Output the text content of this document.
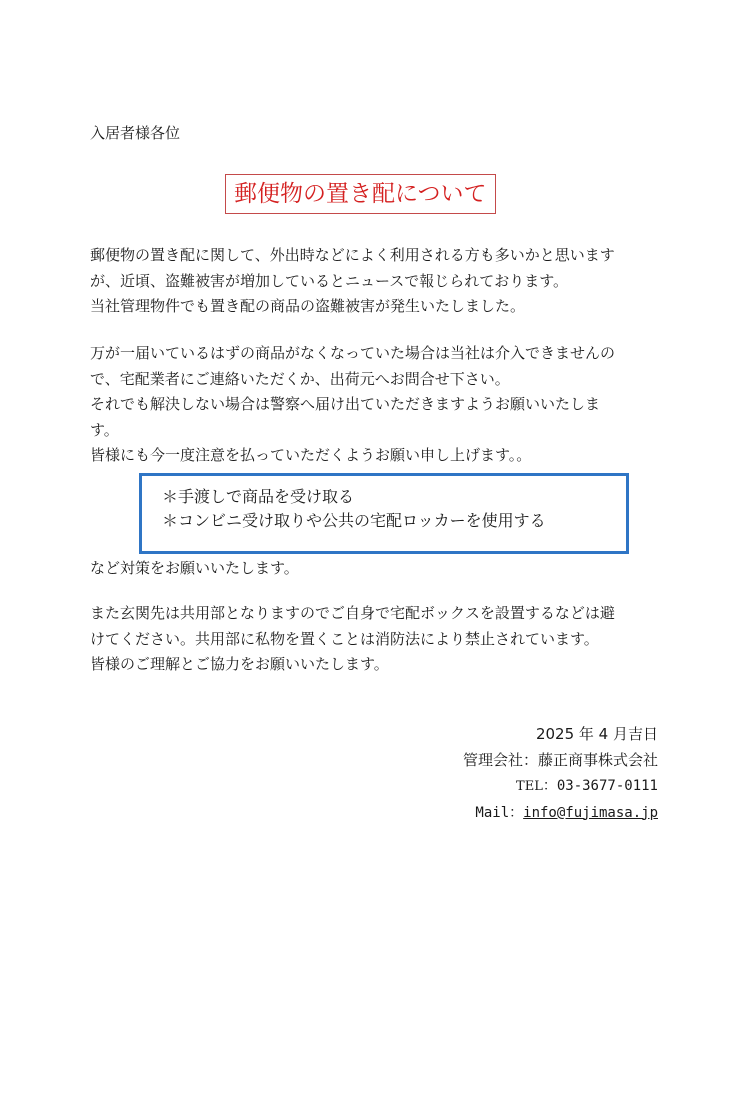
入居者様各位
郵便物の置き配について
郵便物の置き配に関して、外出時などによく利用される方も多いかと思います
が、近頃、盗難被害が増加しているとニュースで報じられております。
当社管理物件でも置き配の商品の盗難被害が発生いたしました。
万が一届いているはずの商品がなくなっていた場合は当社は介入できませんの
で、宅配業者にご連絡いただくか、出荷元へお問合せ下さい。
それでも解決しない場合は警察へ届け出ていただきますようお願いいたしま
す。
皆様にも今一度注意を払っていただくようお願い申し上げます。。
＊手渡しで商品を受け取る
＊コンビニ受け取りや公共の宅配ロッカーを使用する
など対策をお願いいたします。
また玄関先は共用部となりますのでご自身で宅配ボックスを設置するなどは避
けてください。共用部に私物を置くことは消防法により禁止されています。
皆様のご理解とご協力をお願いいたします。
2025 年 4 月吉日
管理会社：藤正商事株式会社
TEL：03-3677-0111
Mail：info@fujimasa.jp
